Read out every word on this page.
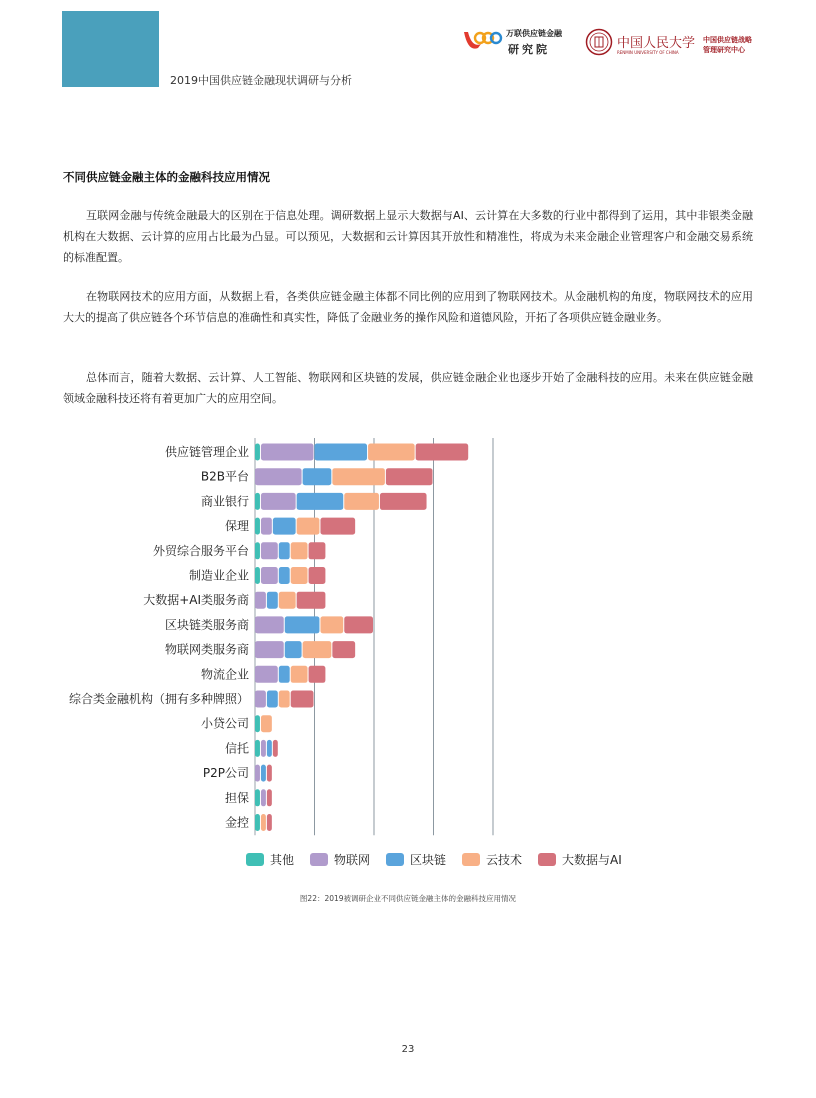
2019中国供应链金融现状调研与分析
万联供应链金融
研究院	中国人民大学
RENMIN UNIVERSITY OF CHINA
中国供应链战略
管理研究中心
不同供应链金融主体的金融科技应用情况

互联网金融与传统金融最大的区别在于信息处理。调研数据上显示大数据与AI、云计算在大多数的行业中都得到了运用，其中非银类金融机构在大数据、云计算的应用占比最为凸显。可以预见，大数据和云计算因其开放性和精准性，将成为未来金融企业管理客户和金融交易系统的标准配置。

在物联网技术的应用方面，从数据上看，各类供应链金融主体都不同比例的应用到了物联网技术。从金融机构的角度，物联网技术的应用大大的提高了供应链各个环节信息的准确性和真实性，降低了金融业务的操作风险和道德风险，开拓了各项供应链金融业务。

总体而言，随着大数据、云计算、人工智能、物联网和区块链的发展，供应链金融企业也逐步开始了金融科技的应用。未来在供应链金融领域金融科技还将有着更加广大的应用空间。

供应链管理企业
B2B平台
商业银行
保理
外贸综合服务平台
制造业企业
大数据+AI类服务商
区块链类服务商
物联网类服务商
物流企业
综合类金融机构（拥有多种牌照）
小贷公司
信托
P2P公司
担保
金控
其他	物联网	区块链	云技术	大数据与AI
图22：2019被调研企业不同供应链金融主体的金融科技应用情况
23
